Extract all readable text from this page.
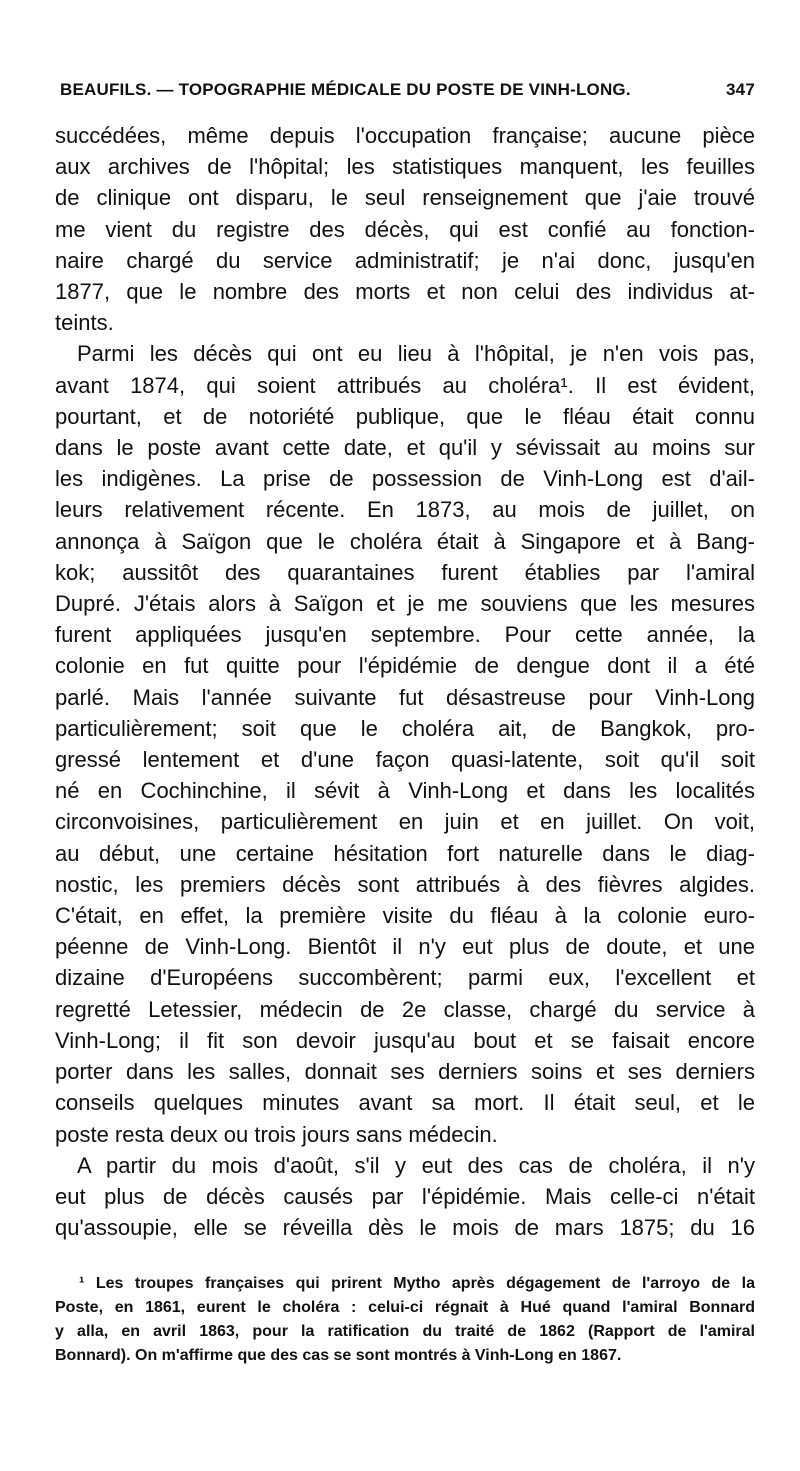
BEAUFILS. — TOPOGRAPHIE MÉDICALE DU POSTE DE VINH-LONG.	347
succédées, même depuis l'occupation française; aucune pièce
aux archives de l'hôpital; les statistiques manquent, les feuilles
de clinique ont disparu, le seul renseignement que j'aie trouvé
me vient du registre des décès, qui est confié au fonction-
naire chargé du service administratif; je n'ai donc, jusqu'en
1877, que le nombre des morts et non celui des individus at-
teints.
Parmi les décès qui ont eu lieu à l'hôpital, je n'en vois pas,
avant 1874, qui soient attribués au choléra¹. Il est évident,
pourtant, et de notoriété publique, que le fléau était connu
dans le poste avant cette date, et qu'il y sévissait au moins sur
les indigènes. La prise de possession de Vinh-Long est d'ail-
leurs relativement récente. En 1873, au mois de juillet, on
annonça à Saïgon que le choléra était à Singapore et à Bang-
kok; aussitôt des quarantaines furent établies par l'amiral
Dupré. J'étais alors à Saïgon et je me souviens que les mesures
furent appliquées jusqu'en septembre. Pour cette année, la
colonie en fut quitte pour l'épidémie de dengue dont il a été
parlé. Mais l'année suivante fut désastreuse pour Vinh-Long
particulièrement; soit que le choléra ait, de Bangkok, pro-
gressé lentement et d'une façon quasi-latente, soit qu'il soit
né en Cochinchine, il sévit à Vinh-Long et dans les localités
circonvoisines, particulièrement en juin et en juillet. On voit,
au début, une certaine hésitation fort naturelle dans le diag-
nostic, les premiers décès sont attribués à des fièvres algides.
C'était, en effet, la première visite du fléau à la colonie euro-
péenne de Vinh-Long. Bientôt il n'y eut plus de doute, et une
dizaine d'Européens succombèrent; parmi eux, l'excellent et
regretté Letessier, médecin de 2e classe, chargé du service à
Vinh-Long; il fit son devoir jusqu'au bout et se faisait encore
porter dans les salles, donnait ses derniers soins et ses derniers
conseils quelques minutes avant sa mort. Il était seul, et le
poste resta deux ou trois jours sans médecin.
A partir du mois d'août, s'il y eut des cas de choléra, il n'y
eut plus de décès causés par l'épidémie. Mais celle-ci n'était
qu'assoupie, elle se réveilla dès le mois de mars 1875; du 16
¹ Les troupes françaises qui prirent Mytho après dégagement de l'arroyo de la
Poste, en 1861, eurent le choléra : celui-ci régnait à Hué quand l'amiral Bonnard
y alla, en avril 1863, pour la ratification du traité de 1862 (Rapport de l'amiral
Bonnard). On m'affirme que des cas se sont montrés à Vinh-Long en 1867.
